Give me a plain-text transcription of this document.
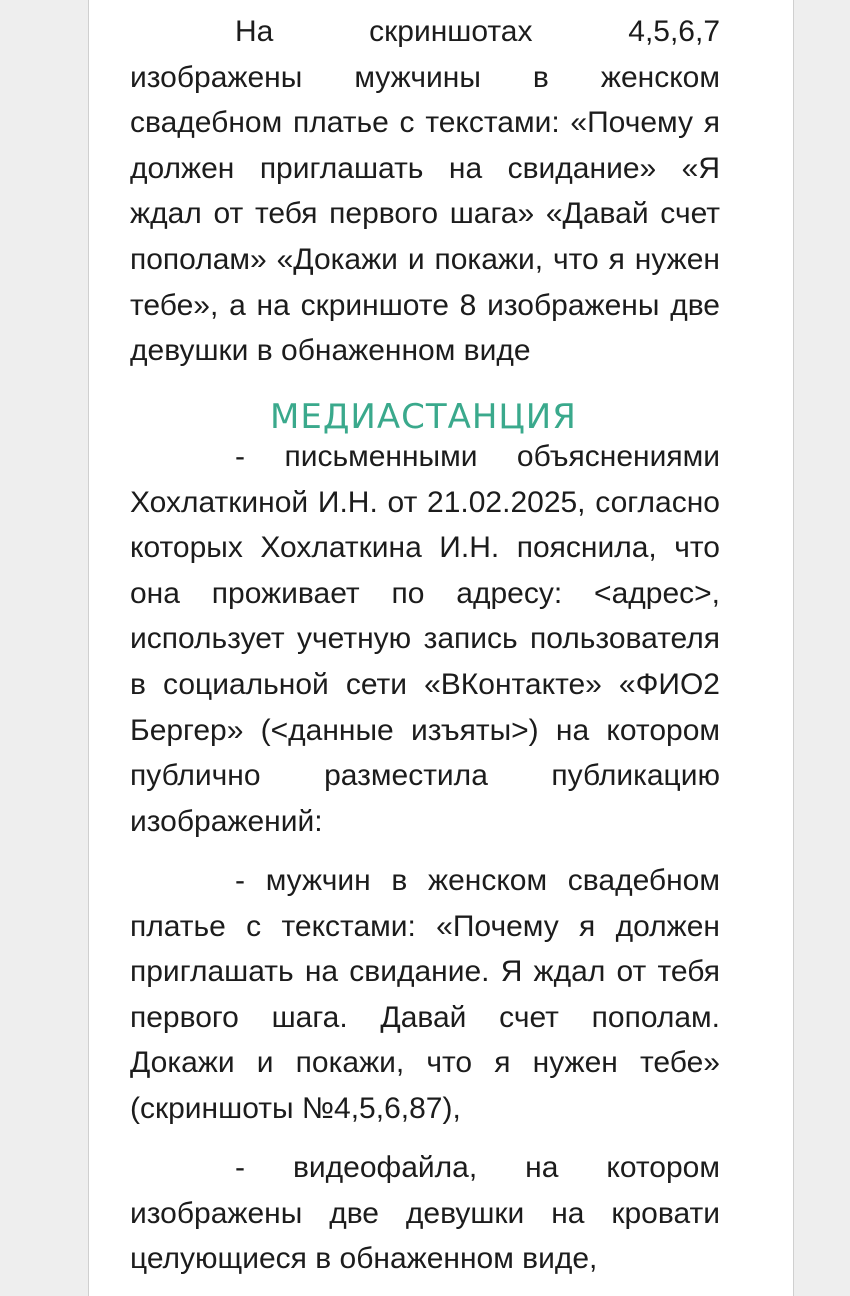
На скриншотах 4,5,6,7 изображены мужчины в женском свадебном платье с текстами: «Почему я должен приглашать на свидание» «Я ждал от тебя первого шага» «Давай счет пополам» «Докажи и покажи, что я нужен тебе», а на скриншоте 8 изображены две девушки в обнаженном виде

МЕДИАСТАНЦИЯ

- письменными объяснениями Хохлаткиной И.Н. от 21.02.2025, согласно которых Хохлаткина И.Н. пояснила, что она проживает по адресу: <адрес>, использует учетную запись пользователя в социальной сети «ВКонтакте» «ФИО2 Бергер» (<данные изъяты>) на котором публично разместила публикацию изображений:

- мужчин в женском свадебном платье с текстами: «Почему я должен приглашать на свидание. Я ждал от тебя первого шага. Давай счет пополам. Докажи и покажи, что я нужен тебе» (скриншоты №4,5,6,87),

- видеофайла, на котором изображены две девушки на кровати целующиеся в обнаженном виде,
